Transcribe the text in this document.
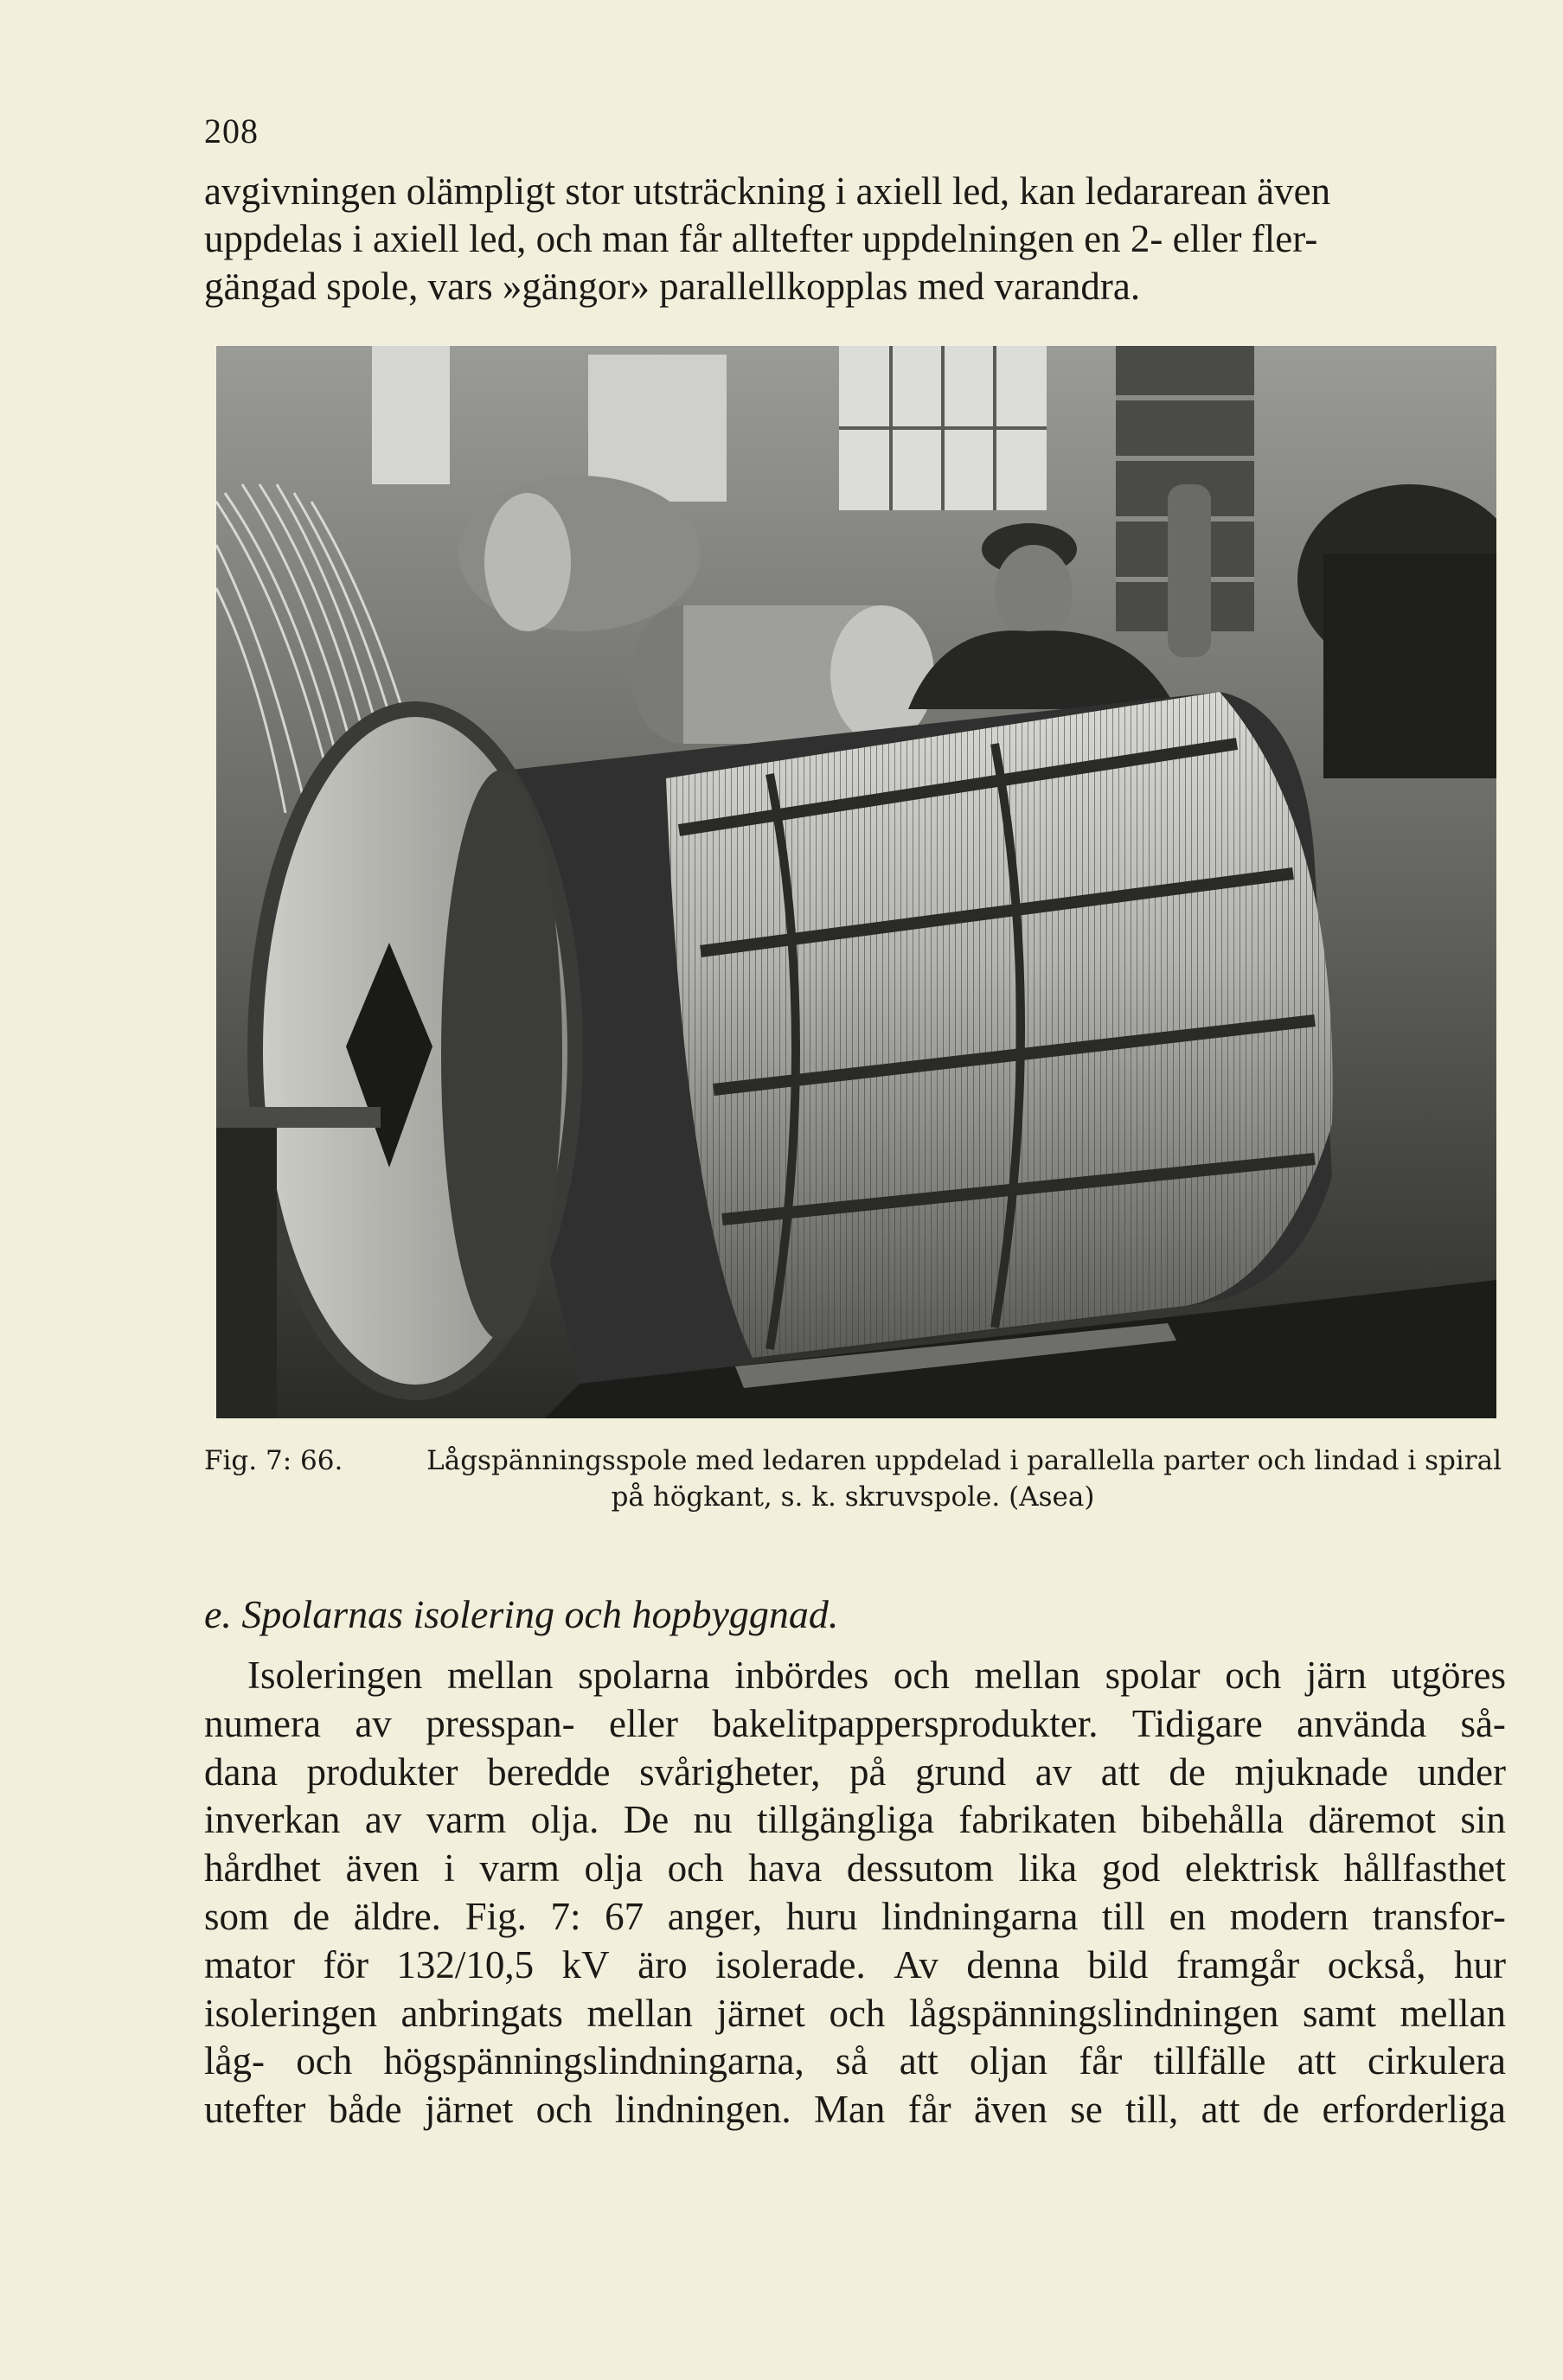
208

avgivningen olämpligt stor utsträckning i axiell led, kan ledararean även

uppdelas i axiell led, och man får alltefter uppdelningen en 2- eller fler-

gängad spole, vars »gängor» parallellkopplas med varandra.

Fig. 7: 66.	Lågspänningsspole med ledaren uppdelad i parallella parter och lindad i spiral
på högkant, s. k. skruvspole. (Asea)
e. Spolarnas isolering och hopbyggnad.

Isoleringen mellan spolarna inbördes och mellan spolar och järn utgöres

numera av presspan- eller bakelitpappersprodukter. Tidigare använda så-

dana produkter beredde svårigheter, på grund av att de mjuknade under

inverkan av varm olja. De nu tillgängliga fabrikaten bibehålla däremot sin

hårdhet även i varm olja och hava dessutom lika god elektrisk hållfasthet

som de äldre. Fig. 7: 67 anger, huru lindningarna till en modern transfor-

mator för 132/10,5 kV äro isolerade. Av denna bild framgår också, hur

isoleringen anbringats mellan järnet och lågspänningslindningen samt mellan

låg- och högspänningslindningarna, så att oljan får tillfälle att cirkulera

utefter både järnet och lindningen. Man får även se till, att de erforderliga
